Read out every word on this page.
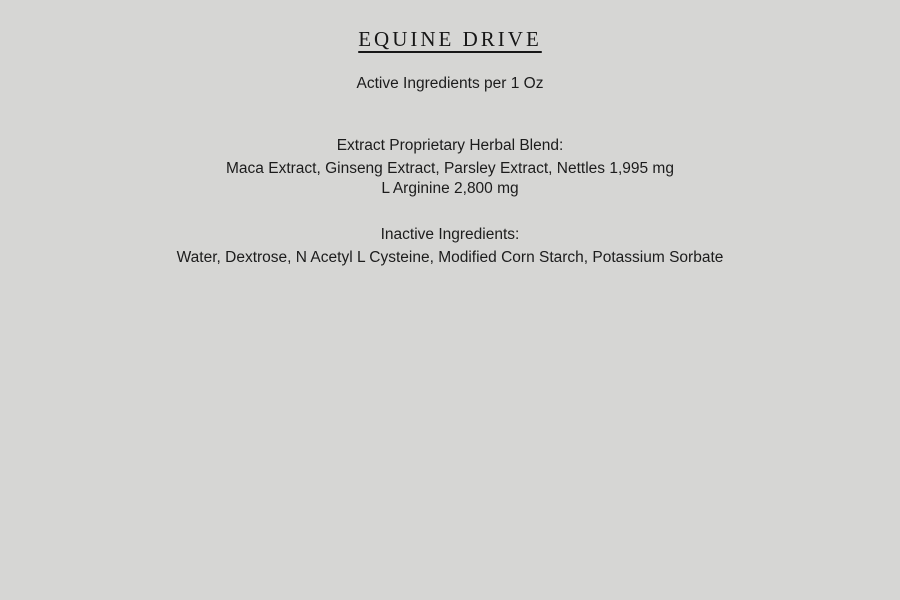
EQUINE DRIVE

Active Ingredients per 1 Oz

Extract Proprietary Herbal Blend:

Maca Extract, Ginseng Extract, Parsley Extract, Nettles 1,995 mg

L Arginine 2,800 mg

Inactive Ingredients:

Water, Dextrose, N Acetyl L Cysteine, Modified Corn Starch, Potassium Sorbate
